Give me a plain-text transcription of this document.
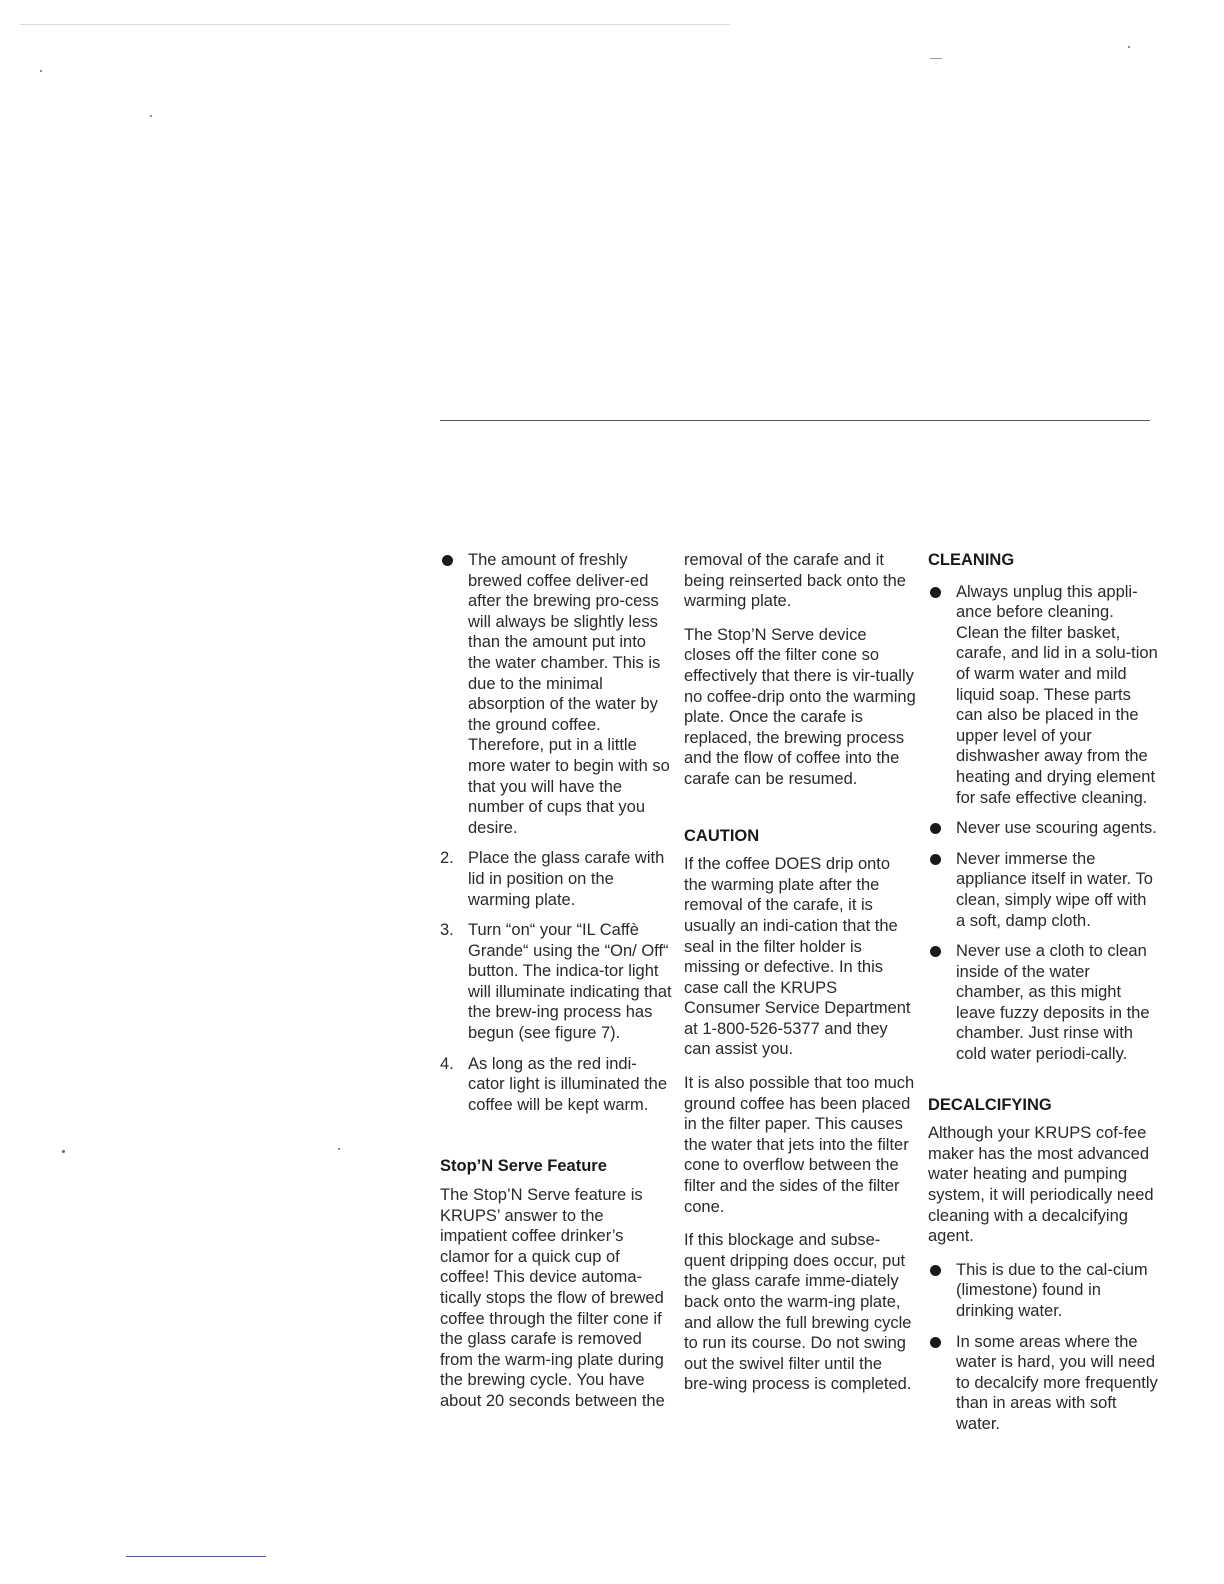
The amount of freshly brewed coffee deliver-ed after the brewing pro-cess will always be slightly less than the amount put into the water chamber. This is due to the minimal absorption of the water by the ground coffee. Therefore, put in a little more water to begin with so that you will have the number of cups that you desire.
2. Place the glass carafe with lid in position on the warming plate.
3. Turn “on“ your “IL Caffè Grande“ using the “On/ Off“ button. The indica-tor light will illuminate indicating that the brew-ing process has begun (see figure 7).
4. As long as the red indi-cator light is illuminated the coffee will be kept warm.
Stop’N Serve Feature
The Stop’N Serve feature is KRUPS’ answer to the impatient coffee drinker’s clamor for a quick cup of coffee! This device automa-tically stops the flow of brewed coffee through the filter cone if the glass carafe is removed from the warm-ing plate during the brewing cycle. You have about 20 seconds between the
removal of the carafe and it being reinserted back onto the warming plate.
The Stop’N Serve device closes off the filter cone so effectively that there is vir-tually no coffee-drip onto the warming plate. Once the carafe is replaced, the brewing process and the flow of coffee into the carafe can be resumed.
CAUTION
If the coffee DOES drip onto the warming plate after the removal of the carafe, it is usually an indi-cation that the seal in the filter holder is missing or defective. In this case call the KRUPS Consumer Service Department at 1-800-526-5377 and they can assist you.
It is also possible that too much ground coffee has been placed in the filter paper. This causes the water that jets into the filter cone to overflow between the filter and the sides of the filter cone.
If this blockage and subse-quent dripping does occur, put the glass carafe imme-diately back onto the warm-ing plate, and allow the full brewing cycle to run its course. Do not swing out the swivel filter until the bre-wing process is completed.
CLEANING
Always unplug this appli-ance before cleaning. Clean the filter basket, carafe, and lid in a solu-tion of warm water and mild liquid soap. These parts can also be placed in the upper level of your dishwasher away from the heating and drying element for safe effective cleaning.
Never use scouring agents.
Never immerse the appliance itself in water. To clean, simply wipe off with a soft, damp cloth.
Never use a cloth to clean inside of the water chamber, as this might leave fuzzy deposits in the chamber. Just rinse with cold water periodi-cally.
DECALCIFYING
Although your KRUPS cof-fee maker has the most advanced water heating and pumping system, it will periodically need cleaning with a decalcifying agent.
This is due to the cal-cium (limestone) found in drinking water.
In some areas where the water is hard, you will need to decalcify more frequently than in areas with soft water.
